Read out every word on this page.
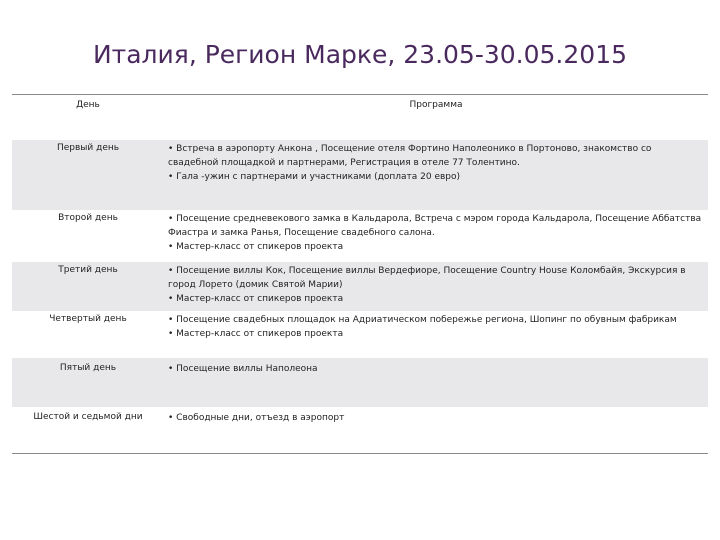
Италия, Регион Марке, 23.05-30.05.2015
День	Программа
Первый день	• Встреча в аэропорту Анкона , Посещение отеля Фортино Наполеонико в Портоново, знакомство со свадебной площадкой и партнерами, Регистрация в отеле 77 Толентино.
• Гала -ужин с партнерами и участниками (доплата 20 евро)
Второй день	• Посещение средневекового замка в Кальдарола, Встреча с мэром города Кальдарола, Посещение Аббатства Фиастра и замка Ранья, Посещение свадебного салона.
• Мастер-класс от спикеров проекта
Третий день	• Посещение виллы Кок, Посещение виллы Вердефиоре, Посещение Country House Коломбайя, Экскурсия в город Лорето (домик Святой Марии)
• Мастер-класс от спикеров проекта
Четвертый день	• Посещение свадебных площадок на Адриатическом побережье региона, Шопинг по обувным фабрикам
• Мастер-класс от спикеров проекта
Пятый день	• Посещение виллы Наполеона
Шестой и седьмой дни	• Свободные дни, отъезд в аэропорт
